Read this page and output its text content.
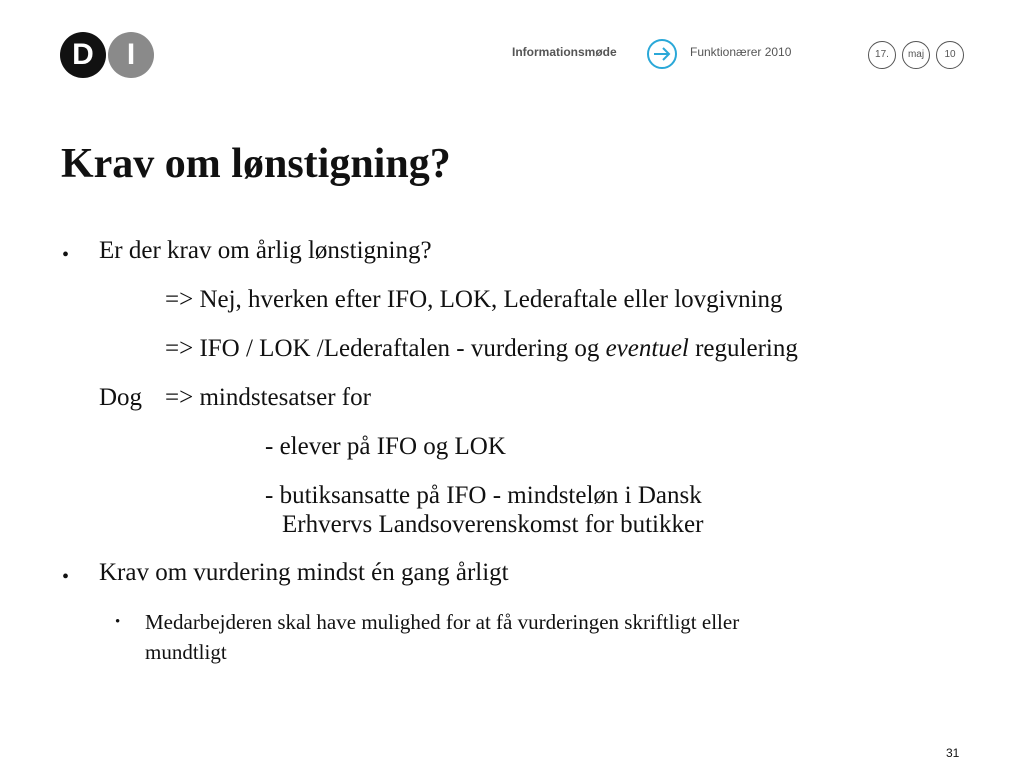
D	I	Informationsmøde	Funktionærer 2010	17.	maj	10
Krav om lønstigning?
• Er der krav om årlig lønstigning?
=> Nej, hverken efter IFO, LOK, Lederaftale eller lovgivning
=> IFO / LOK /Lederaftalen - vurdering og eventuel regulering
Dog => mindstesatser for
- elever på IFO og LOK
- butiksansatte på IFO - mindsteløn i Dansk
Erhvervs Landsoverenskomst for butikker
• Krav om vurdering mindst én gang årligt
• Medarbejderen skal have mulighed for at få vurderingen skriftligt eller
mundtligt
31
